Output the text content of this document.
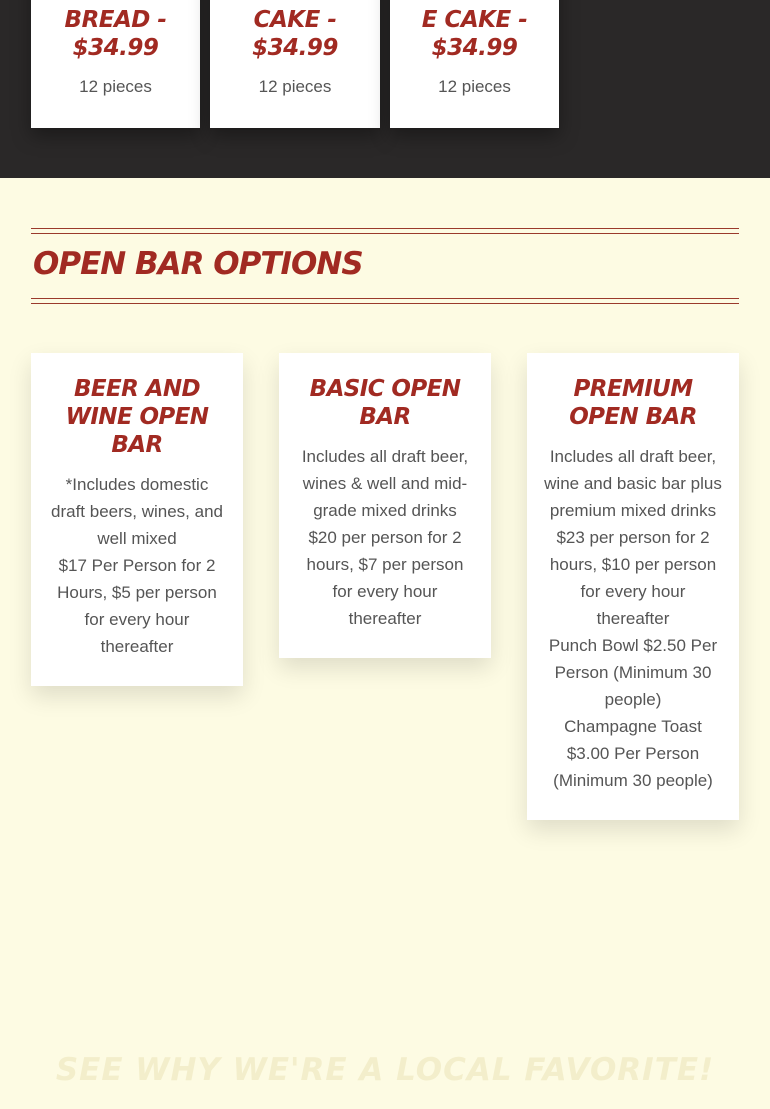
BREAD -
$34.99
12 pieces
CAKE -
$34.99
12 pieces
E CAKE -
$34.99
12 pieces
OPEN BAR OPTIONS
BEER AND WINE OPEN BAR

*Includes domestic draft beers, wines, and well mixed

$17 Per Person for 2 Hours, $5 per person for every hour thereafter

BASIC OPEN BAR

Includes all draft beer, wines & well and mid-grade mixed drinks

$20 per person for 2 hours, $7 per person for every hour thereafter

PREMIUM OPEN BAR

Includes all draft beer, wine and basic bar plus premium mixed drinks

$23 per person for 2 hours, $10 per person for every hour thereafter

Punch Bowl $2.50 Per Person (Minimum 30 people)

Champagne Toast $3.00 Per Person (Minimum 30 people)

SEE WHY WE'RE A LOCAL FAVORITE!
